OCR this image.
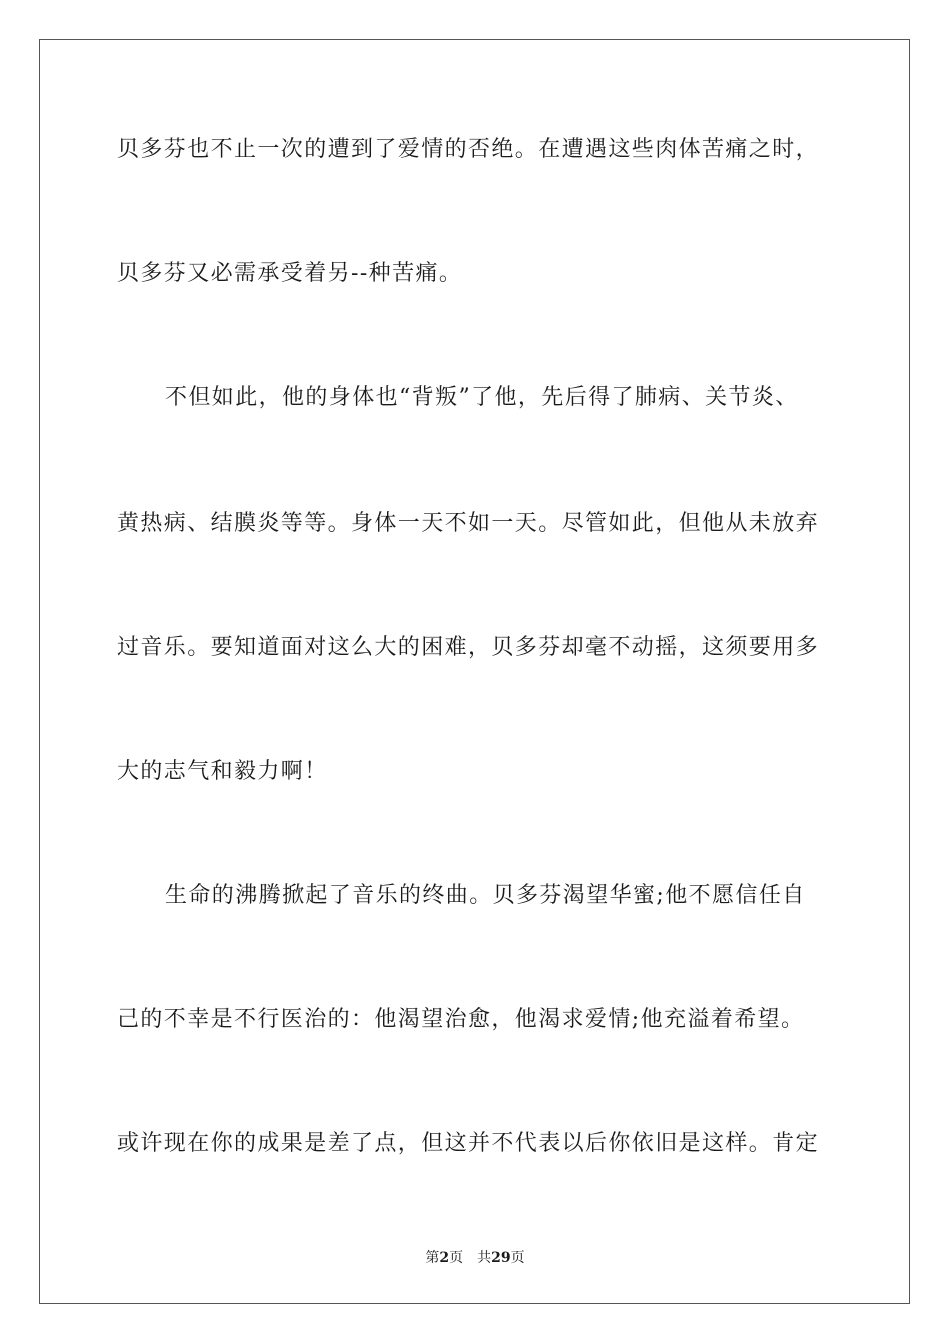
贝多芬也不止一次的遭到了爱情的否绝。在遭遇这些肉体苦痛之时，
贝多芬又必需承受着另--种苦痛。
不但如此，他的身体也“背叛”了他，先后得了肺病、关节炎、
黄热病、结膜炎等等。身体一天不如一天。尽管如此，但他从未放弃
过音乐。要知道面对这么大的困难，贝多芬却毫不动摇，这须要用多
大的志气和毅力啊！
生命的沸腾掀起了音乐的终曲。贝多芬渴望华蜜;他不愿信任自
己的不幸是不行医治的：他渴望治愈，他渴求爱情;他充溢着希望。
或许现在你的成果是差了点，但这并不代表以后你依旧是这样。肯定
第2页 共29页
